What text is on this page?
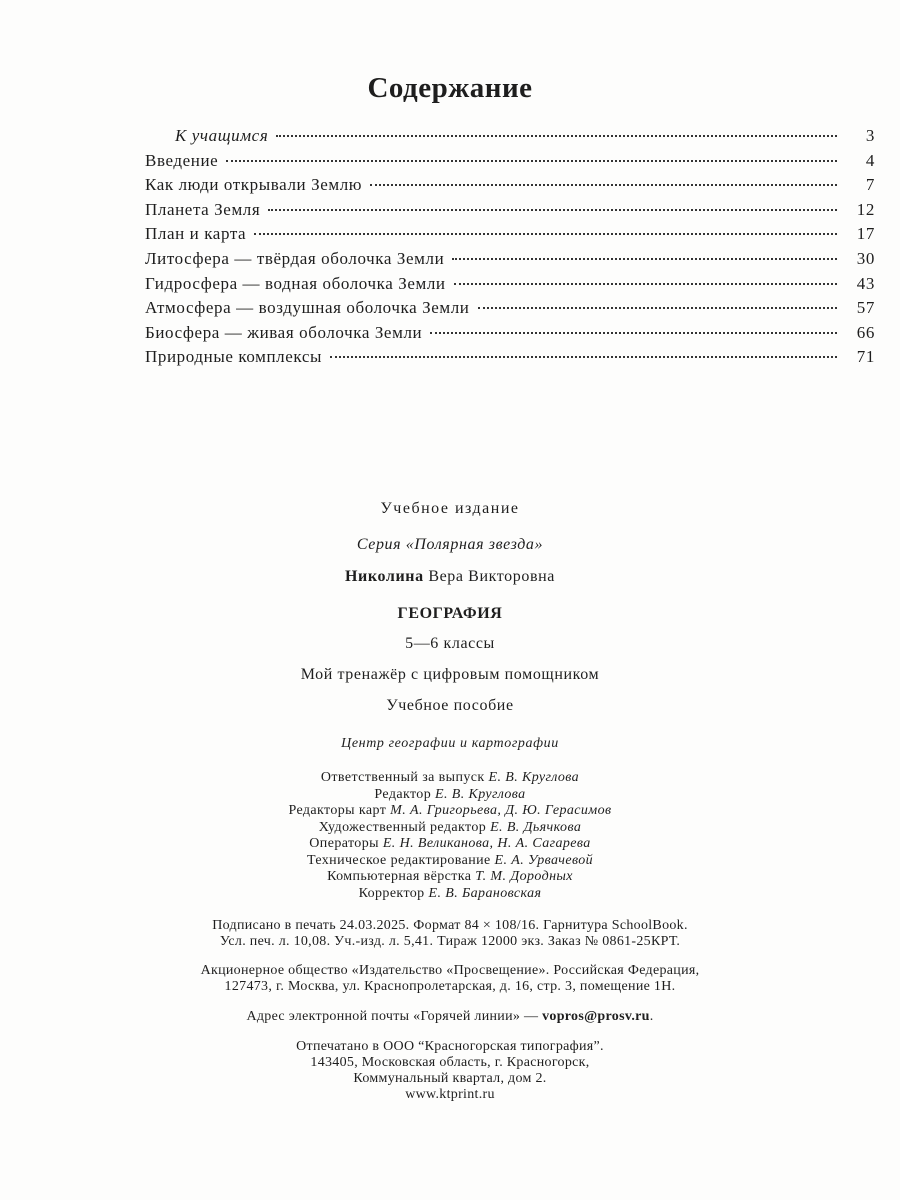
Содержание
К учащимся	3
Введение	4
Как люди открывали Землю	7
Планета Земля	12
План и карта	17
Литосфера — твёрдая оболочка Земли	30
Гидросфера — водная оболочка Земли	43
Атмосфера — воздушная оболочка Земли	57
Биосфера — живая оболочка Земли	66
Природные комплексы	71
Учебное издание
Серия «Полярная звезда»
Николина Вера Викторовна
ГЕОГРАФИЯ
5—6 классы
Мой тренажёр с цифровым помощником
Учебное пособие
Центр географии и картографии
Ответственный за выпуск Е. В. Круглова
Редактор Е. В. Круглова
Редакторы карт М. А. Григорьева, Д. Ю. Герасимов
Художественный редактор Е. В. Дьячкова
Операторы Е. Н. Великанова, Н. А. Сагарева
Техническое редактирование Е. А. Урвачевой
Компьютерная вёрстка Т. М. Дородных
Корректор Е. В. Барановская
Подписано в печать 24.03.2025. Формат 84 × 108/16. Гарнитура SchoolBook.
Усл. печ. л. 10,08. Уч.-изд. л. 5,41. Тираж 12000 экз. Заказ № 0861-25КРТ.
Акционерное общество «Издательство «Просвещение». Российская Федерация,
127473, г. Москва, ул. Краснопролетарская, д. 16, стр. 3, помещение 1Н.
Адрес электронной почты «Горячей линии» — vopros@prosv.ru.
Отпечатано в ООО “Красногорская типография”.
143405, Московская область, г. Красногорск,
Коммунальный квартал, дом 2.
www.ktprint.ru
